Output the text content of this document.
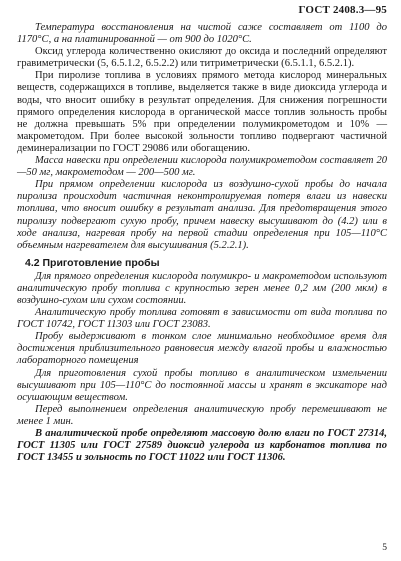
ГОСТ 2408.3—95

Температура восстановления на чистой саже составляет от 1100 до 1170°С, а на платинированной — от 900 до 1020°С.

Оксид углерода количественно окисляют до оксида и последний определяют гравиметрически (5, 6.5.1.2, 6.5.2.2) или титриметрически (6.5.1.1, 6.5.2.1).

При пиролизе топлива в условиях прямого метода кислород минеральных веществ, содержащихся в топливе, выделяется также в виде диоксида углерода и воды, что вносит ошибку в результат определения. Для снижения погрешности прямого определения кислорода в органической массе топлив зольность пробы не должна превышать 5% при определении полумикрометодом и 10% — макрометодом. При более высокой зольности топливо подвергают частичной деминерализации по ГОСТ 29086 или обогащению.

Масса навески при определении кислорода полумикрометодом составляет 20—50 мг, макрометодом — 200—500 мг.

При прямом определении кислорода из воздушно-сухой пробы до начала пиролиза происходит частичная неконтролируемая потеря влаги из навески топлива, что вносит ошибку в результат анализа. Для предотвращения этого пиролизу подвергают сухую пробу, причем навеску высушивают до (4.2) или в ходе анализа, нагревая пробу на первой стадии определения при 105—110°С объемным нагревателем для высушивания (5.2.2.1).

4.2 Приготовление пробы

Для прямого определения кислорода полумикро- и макрометодом используют аналитическую пробу топлива с крупностью зерен менее 0,2 мм (200 мкм) в воздушно-сухом или сухом состоянии.

Аналитическую пробу топлива готовят в зависимости от вида топлива по ГОСТ 10742, ГОСТ 11303 или ГОСТ 23083.

Пробу выдерживают в тонком слое минимально необходимое время для достижения приблизительного равновесия между влагой пробы и влажностью лабораторного помещения

Для приготовления сухой пробы топливо в аналитическом измельчении высушивают при 105—110°С до постоянной массы и хранят в эксикаторе над осушающим веществом.

Перед выполнением определения аналитическую пробу перемешивают не менее 1 мин.

В аналитической пробе определяют массовую долю влаги по ГОСТ 27314, ГОСТ 11305 или ГОСТ 27589 диоксид углерода из карбонатов топлива по ГОСТ 13455 и зольность по ГОСТ 11022 или ГОСТ 11306.

5
